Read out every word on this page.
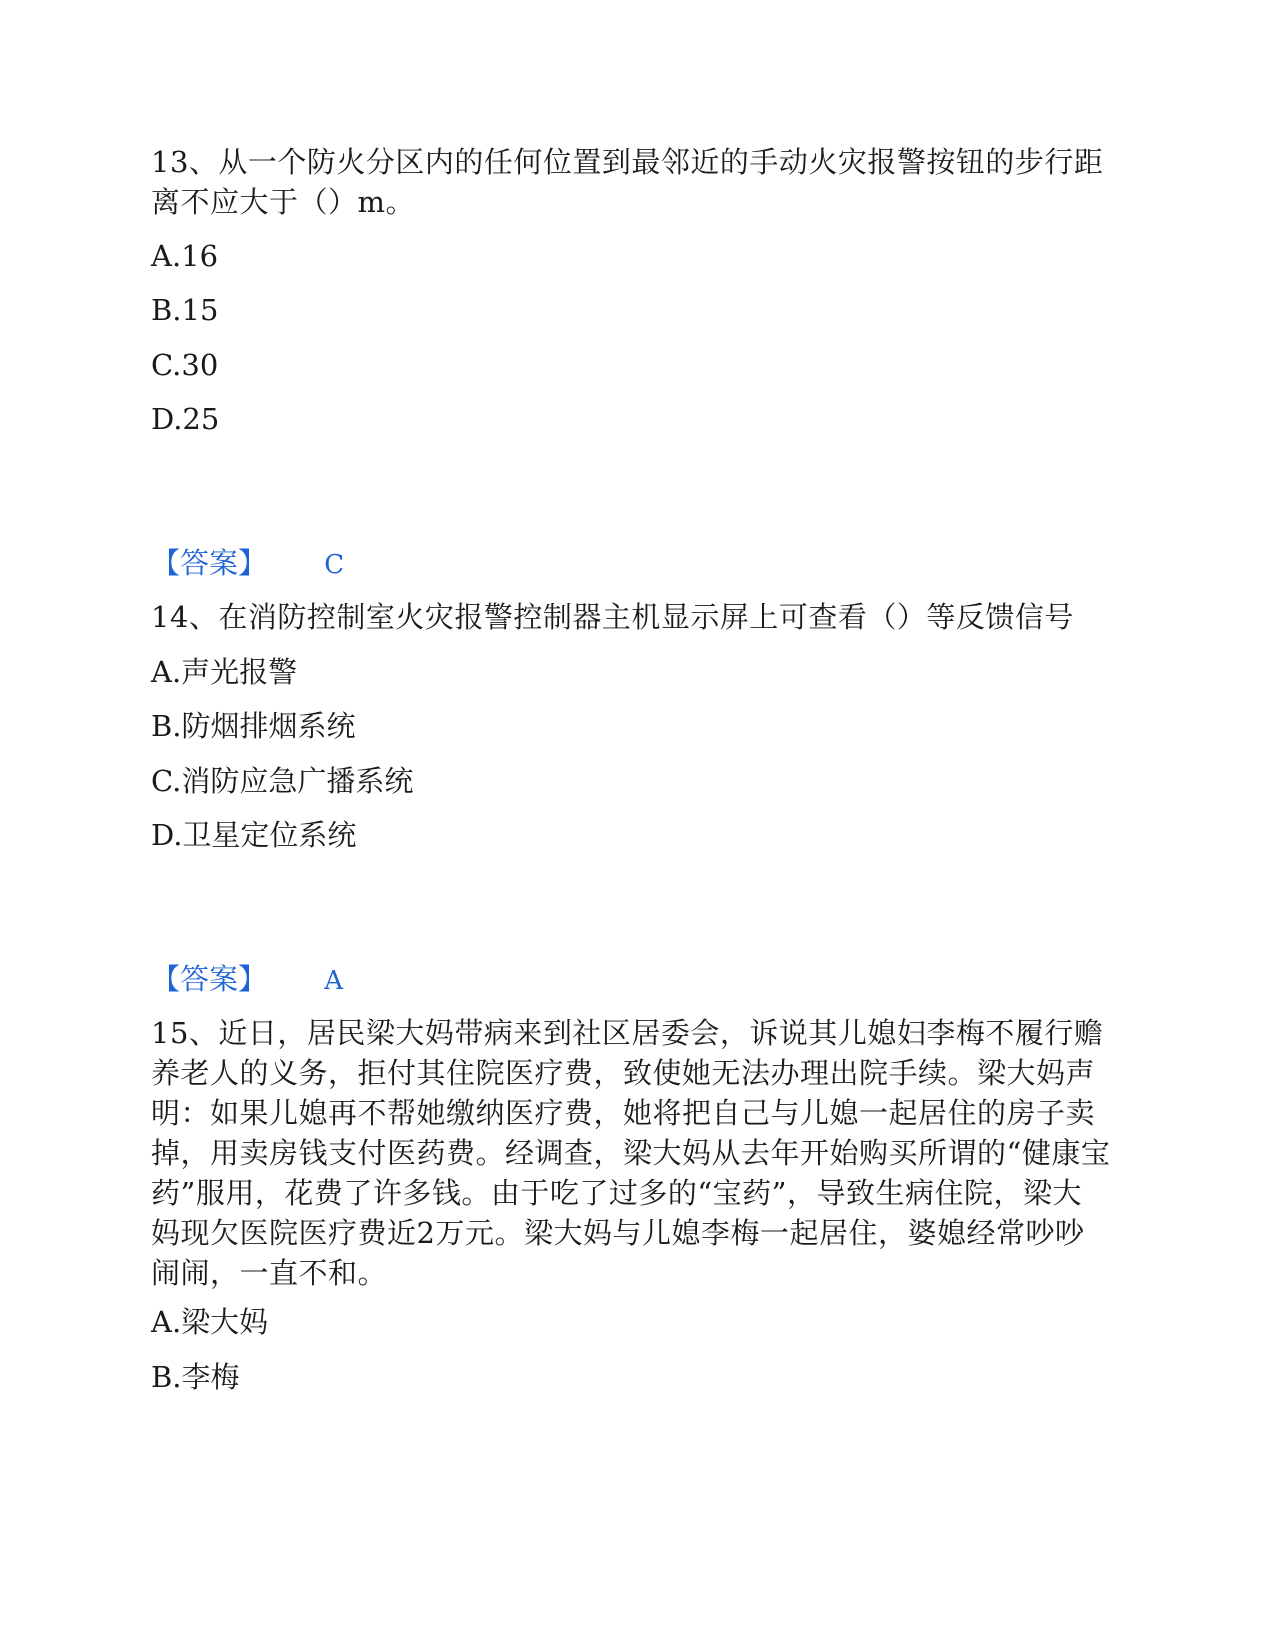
13、从一个防火分区内的任何位置到最邻近的手动火灾报警按钮的步行距离不应大于（）m。
A.16
B.15
C.30
D.25
【答案】 C
14、在消防控制室火灾报警控制器主机显示屏上可查看（）等反馈信号
A.声光报警
B.防烟排烟系统
C.消防应急广播系统
D.卫星定位系统
【答案】 A
15、近日，居民梁大妈带病来到社区居委会，诉说其儿媳妇李梅不履行赡养老人的义务，拒付其住院医疗费，致使她无法办理出院手续。梁大妈声明：如果儿媳再不帮她缴纳医疗费，她将把自己与儿媳一起居住的房子卖掉，用卖房钱支付医药费。经调查，梁大妈从去年开始购买所谓的“健康宝药”服用，花费了许多钱。由于吃了过多的“宝药”，导致生病住院，梁大妈现欠医院医疗费近2万元。梁大妈与儿媳李梅一起居住，婆媳经常吵吵闹闹，一直不和。
A.梁大妈
B.李梅
